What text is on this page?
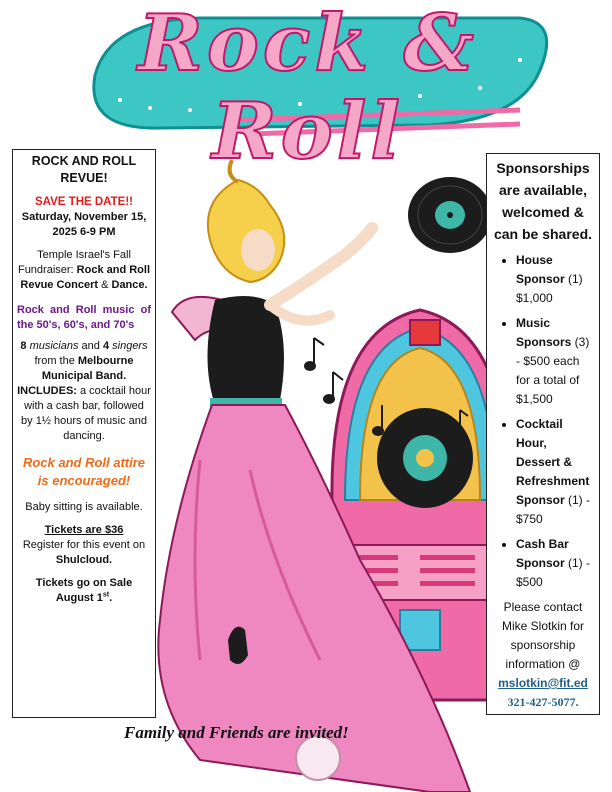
Rock & Roll

ROCK AND ROLL REVUE!

SAVE THE DATE!!

Saturday, November 15, 2025 6-9 PM

Temple Israel's Fall Fundraiser: Rock and Roll Revue Concert & Dance.

Rock and Roll music of the 50's, 60's, and 70's

8 musicians and 4 singers from the Melbourne Municipal Band.
INCLUDES: a cocktail hour with a cash bar, followed by 1½ hours of music and dancing.

Rock and Roll attire is encouraged!

Baby sitting is available.

Tickets are $36

Register for this event on Shulcloud.

Tickets go on Sale August 1st.

Sponsorships are available, welcomed & can be shared.

• House Sponsor (1) $1,000
• Music Sponsors (3) - $500 each for a total of $1,500
• Cocktail Hour, Dessert & Refreshment Sponsor (1) - $750
• Cash Bar Sponsor (1) - $500

Please contact Mike Slotkin for sponsorship information @
mslotkin@fit.ed
321-427-5077.

Family and Friends are invited!
